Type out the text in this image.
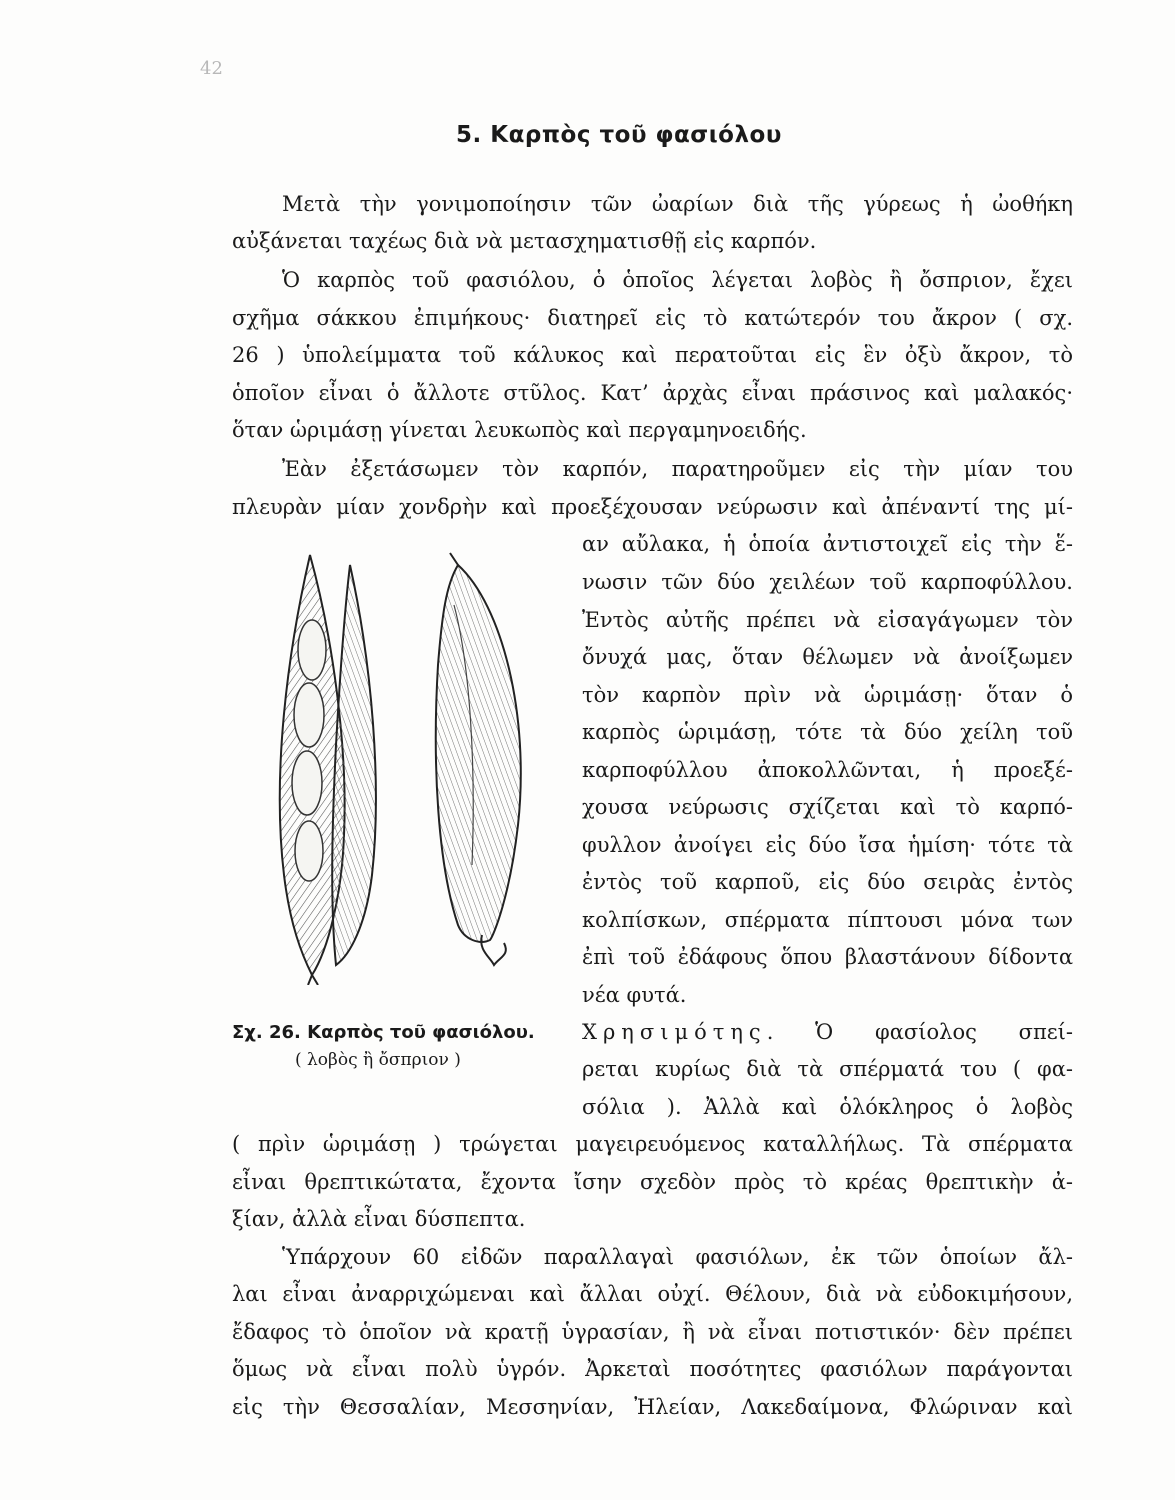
42
5. Καρπὸς τοῦ φασιόλου
Μετὰ τὴν γονιμοποίησιν τῶν ὠαρίων διὰ τῆς γύρεως ἡ ὠοθήκη
αὐξάνεται ταχέως διὰ νὰ μετασχηματισθῇ εἰς καρπόν.
Ὁ καρπὸς τοῦ φασιόλου, ὁ ὁποῖος λέγεται λοβὸς ἢ ὄσπριον, ἔχει
σχῆμα σάκκου ἐπιμήκους· διατηρεῖ εἰς τὸ κατώτερόν του ἄκρον ( σχ.
26 ) ὑπολείμματα τοῦ κάλυκος καὶ περατοῦται εἰς ἓν ὀξὺ ἄκρον, τὸ
ὁποῖον εἶναι ὁ ἄλλοτε στῦλος. Κατ’ ἀρχὰς εἶναι πράσινος καὶ μαλακός·
ὅταν ὡριμάσῃ γίνεται λευκωπὸς καὶ περγαμηνοειδής.
Ἐὰν ἐξετάσωμεν τὸν καρπόν, παρατηροῦμεν εἰς τὴν μίαν του
πλευρὰν μίαν χονδρὴν καὶ προεξέχουσαν νεύρωσιν καὶ ἀπέναντί της μί-
αν αὔλακα, ἡ ὁποία ἀντιστοιχεῖ εἰς τὴν ἕ-
νωσιν τῶν δύο χειλέων τοῦ καρποφύλλου.
Ἐντὸς αὐτῆς πρέπει νὰ εἰσαγάγωμεν τὸν
ὄνυχά μας, ὅταν θέλωμεν νὰ ἀνοίξωμεν
τὸν καρπὸν πρὶν νὰ ὡριμάσῃ· ὅταν ὁ
καρπὸς ὡριμάσῃ, τότε τὰ δύο χείλη τοῦ
καρποφύλλου ἀποκολλῶνται, ἡ προεξέ-
χουσα νεύρωσις σχίζεται καὶ τὸ καρπό-
φυλλον ἀνοίγει εἰς δύο ἴσα ἡμίση· τότε τὰ
ἐντὸς τοῦ καρποῦ, εἰς δύο σειρὰς ἐντὸς
κολπίσκων, σπέρματα πίπτουσι μόνα των
ἐπὶ τοῦ ἐδάφους ὅπου βλαστάνουν δίδοντα
νέα φυτά.
Σχ. 26. Καρπὸς τοῦ φασιόλου.
( λοβὸς ἢ ὄσπριον )
Χρησιμότης. Ὁ φασίολος σπεί-
ρεται κυρίως διὰ τὰ σπέρματά του ( φα-
σόλια ). Ἀλλὰ καὶ ὁλόκληρος ὁ λοβὸς
( πρὶν ὡριμάσῃ ) τρώγεται μαγειρευόμενος καταλλήλως. Τὰ σπέρματα
εἶναι θρεπτικώτατα, ἔχοντα ἴσην σχεδὸν πρὸς τὸ κρέας θρεπτικὴν ἀ-
ξίαν, ἀλλὰ εἶναι δύσπεπτα.
Ὑπάρχουν 60 εἰδῶν παραλλαγαὶ φασιόλων, ἐκ τῶν ὁποίων ἄλ-
λαι εἶναι ἀναρριχώμεναι καὶ ἄλλαι οὐχί. Θέλουν, διὰ νὰ εὐδοκιμήσουν,
ἔδαφος τὸ ὁποῖον νὰ κρατῇ ὑγρασίαν, ἢ νὰ εἶναι ποτιστικόν· δὲν πρέπει
ὅμως νὰ εἶναι πολὺ ὑγρόν. Ἀρκεταὶ ποσότητες φασιόλων παράγονται
εἰς τὴν Θεσσαλίαν, Μεσσηνίαν, Ἠλείαν, Λακεδαίμονα, Φλώριναν καὶ
